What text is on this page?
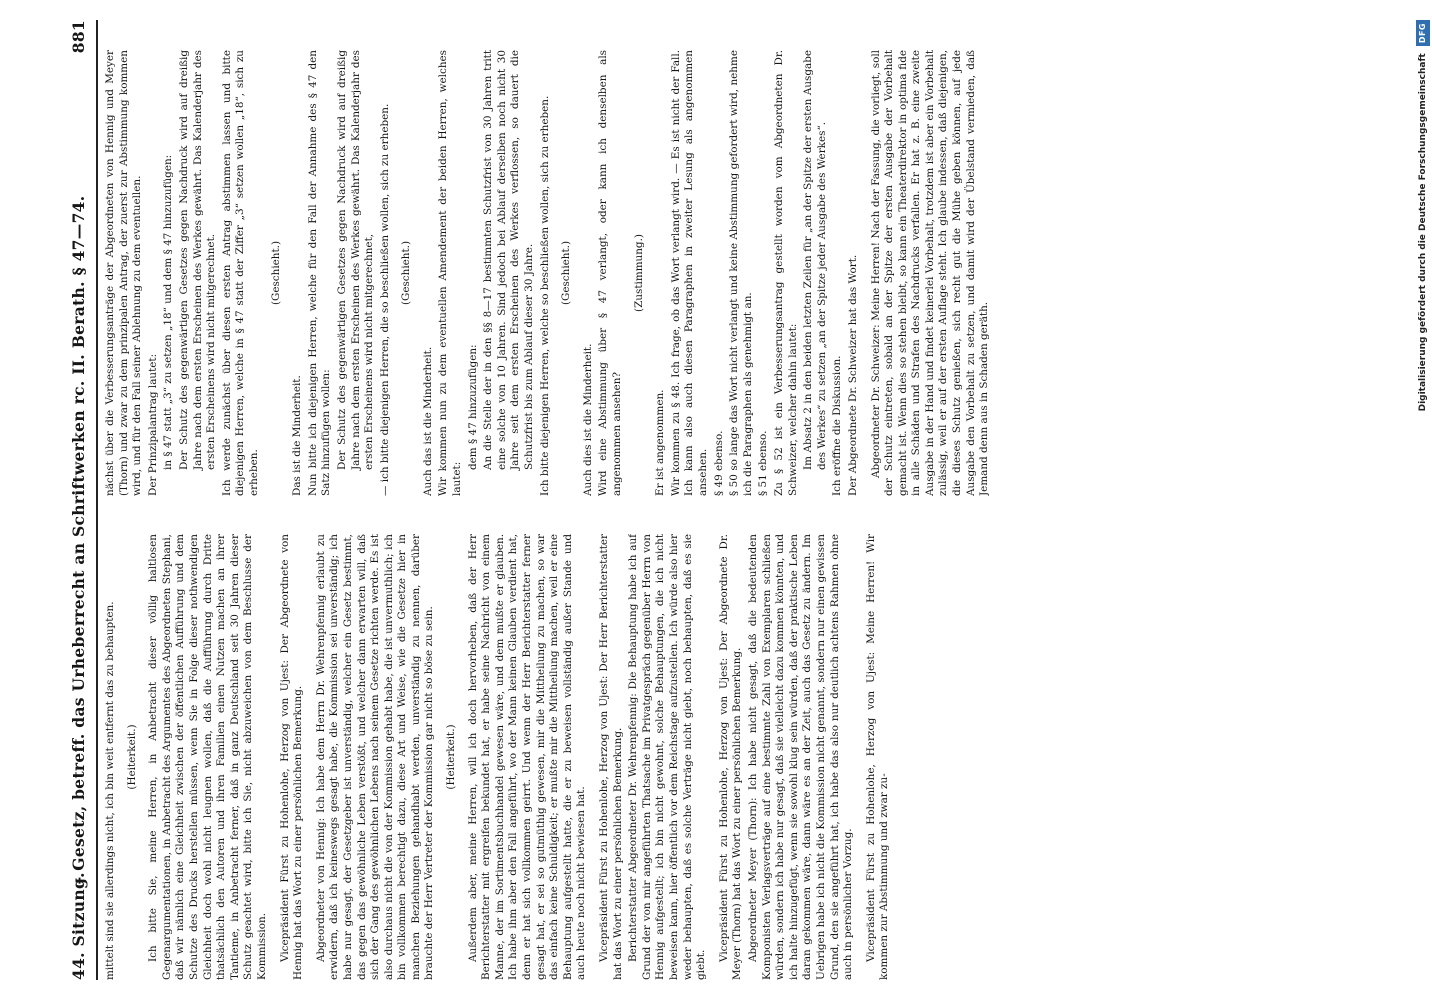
44. Sitzung.
– Gesetz, betreff. das Urheberrecht an Schriftwerken rc. II. Berath. § 47—74.
881

mittelt sind sie allerdings nicht, ich bin weit entfernt das zu behaupten. (Heiterkeit.) Ich bitte Sie, meine Herren, in Anbetracht dieser völlig haltlosen Gegenargumentationen, in Anbetracht des Argumentes des Abgeordneten Stephani, daß wir nämlich eine Gleichheit zwischen der öffentlichen Aufführung und dem Schutze des Drucks herstellen müssen, wenn Sie in Folge dieser nothwendigen Gleichheit doch wohl nicht leugnen wollen, daß die Aufführung durch Dritte thatsächlich den Autoren und ihren Familien einen Nutzen machen an ihrer Tantieme, in Anbetracht ferner, daß in ganz Deutschland seit 30 Jahren dieser Schutz geachtet wird, bitte ich Sie, nicht abzuweichen von dem Beschlusse der Kommission. Vicepräsident Fürst zu Hohenlohe, Herzog von Ujest: Der Abgeordnete von Hennig hat das Wort zu einer persönlichen Bemerkung. Abgeordneter von Hennig: Ich habe dem Herrn Dr. Wehrenpfennig erlaubt zu erwidern, daß ich keineswegs gesagt habe, die Kommission sei unverständig; ich habe nur gesagt, der Gesetzgeber ist unverständig, welcher ein Gesetz bestimmt, das gegen das gewöhnliche Leben verstößt, und welcher dann erwarten will, daß sich der Gang des gewöhnlichen Lebens nach seinem Gesetze richten werde. Es ist also durchaus nicht die von der Kommission gehabt habe, die ist unvermuthlich; ich bin vollkommen berechtigt dazu, diese Art und Weise, wie die Gesetze hier in manchen Beziehungen gehandhabt werden, unverständig zu nennen, darüber brauchte der Herr Vertreter der Kommission gar nicht so böse zu sein. (Heiterkeit.) Außerdem aber, meine Herren, will ich doch hervorheben, daß der Herr Berichterstatter mit ergreifen bekundet hat, er habe seine Nachricht von einem Manne, der im Sortimentsbuchhandel gewesen wäre, und dem mußte er glauben. Ich habe ihm aber den Fall angeführt, wo der Mann keinen Glauben verdient hat, denn er hat sich vollkommen geirrt. Und wenn der Herr Berichterstatter ferner gesagt hat, er sei so gutmüthig gewesen, mir die Mittheilung zu machen, so war das einfach keine Schuldigkeit; er mußte mir die Mittheilung machen, weil er eine Behauptung aufgestellt hatte, die er zu beweisen vollständig außer Stande und auch heute noch nicht bewiesen hat. Vicepräsident Fürst zu Hohenlohe, Herzog von Ujest: Der Herr Berichterstatter hat das Wort zu einer persönlichen Bemerkung. Berichterstatter Abgeordneter Dr. Wehrenpfennig: Die Behauptung habe ich auf Grund der von mir angeführten Thatsache im Privatgespräch gegenüber Herrn von Hennig aufgestellt; ich bin nicht gewohnt, solche Behauptungen, die ich nicht beweisen kann, hier öffentlich vor dem Reichstage aufzustellen. Ich würde also hier weder behaupten, daß es solche Verträge nicht giebt, noch behaupten, daß es sie giebt.

Vicepräsident Fürst zu Hohenlohe, Herzog von Ujest: Der Abgeordnete Dr. Meyer (Thorn) hat das Wort zu einer persönlichen Bemerkung. Abgeordneter Meyer (Thorn): Ich habe nicht gesagt, daß die bedeutenden Komponisten Verlagsverträge auf eine bestimmte Zahl von Exemplaren schließen würden, sondern ich habe nur gesagt, daß sie vielleicht dazu kommen könnten, und ich halte hinzugefügt, wenn sie sowohl klug sein würden, daß der praktische Leben daran gekommen wäre, dann wäre es an der Zeit, auch das Gesetz zu ändern. Im Uebrigen habe ich nicht die Kommission nicht genannt, sondern nur einen gewissen Grund, den sie angeführt hat, ich habe das also nur deutlich achtens Rahmen ohne auch in persönlicher Vorzug. Vicepräsident Fürst zu Hohenlohe, Herzog von Ujest: Meine Herren! Wir kommen zur Abstimmung und zwar zu-

nächst über die Verbesserungsanträge der Abgeordneten von Hennig und Meyer (Thorn) und zwar zu dem prinzipalen Antrag, der zuerst zur Abstimmung kommen wird, und für den Fall seiner Ablehnung zu dem eventuellen. Der Prinzipalantrag lautet: in § 47 statt „3“ zu setzen „18“ und dem § 47 hinzuzufügen: Der Schutz des gegenwärtigen Gesetzes gegen Nachdruck wird auf dreißig Jahre nach dem ersten Erscheinen des Werkes gewährt. Das Kalenderjahr des ersten Erscheinens wird nicht mitgerechnet. Ich werde zunächst über diesen ersten Antrag abstimmen lassen und bitte diejenigen Herren, welche in § 47 statt der Ziffer „3“ setzen wollen „18“, sich zu erheben.

(Geschieht.)

Das ist die Minderheit. Nun bitte ich diejenigen Herren, welche für den Fall der Annahme des § 47 den Satz hinzufügen wollen: Der Schutz des gegenwärtigen Gesetzes gegen Nachdruck wird auf dreißig Jahre nach dem ersten Erscheinen des Werkes gewährt. Das Kalenderjahr des ersten Erscheinens wird nicht mitgerechnet, — ich bitte diejenigen Herren, die so beschließen wollen, sich zu erheben. (Geschieht.)

Auch das ist die Minderheit. Wir kommen nun zu dem eventuellen Amendement der beiden Herren, welches lautet:

dem § 47 hinzuzufügen: An die Stelle der in den §§ 8—17 bestimmten Schutzfrist von 30 Jahren tritt eine solche von 10 Jahren. Sind jedoch bei Ablauf derselben noch nicht 30 Jahre seit dem ersten Erscheinen des Werkes verflossen, so dauert die Schutzfrist bis zum Ablauf dieser 30 Jahre. Ich bitte diejenigen Herren, welche so beschließen wollen, sich zu erheben. (Geschieht.)

Auch dies ist die Minderheit. Wird eine Abstimmung über § 47 verlangt, oder kann ich denselben als angenommen ansehen?

(Zustimmung.)

Er ist angenommen. Wir kommen zu § 48. Ich frage, ob das Wort verlangt wird. — Es ist nicht der Fall. Ich kann also auch diesen Paragraphen in zweiter Lesung als angenommen ansehen. § 49 ebenso. § 50 so lange das Wort nicht verlangt und keine Abstimmung gefordert wird, nehme ich die Paragraphen als genehmigt an. § 51 ebenso. Zu § 52 ist ein Verbesserungsantrag gestellt worden vom Abgeordneten Dr. Schweizer, welcher dahin lautet: Im Absatz 2 in den beiden letzten Zeilen für „an der Spitze der ersten Ausgabe des Werkes“ zu setzen „an der Spitze jeder Ausgabe des Werkes“. Ich eröffne die Diskussion. Der Abgeordnete Dr. Schweizer hat das Wort. Abgeordneter Dr. Schweizer: Meine Herren! Nach der Fassung, die vorliegt, soll der Schutz eintreten, sobald an der Spitze der ersten Ausgabe der Vorbehalt gemacht ist. Wenn dies so stehen bleibt, so kann ein Theaterdirektor in optima fide in alle Schäden und Strafen des Nachdrucks verfallen. Er hat z. B. eine zweite Ausgabe in der Hand und findet keinerlei Vorbehalt, trotzdem ist aber ein Vorbehalt zulässig, weil er auf der ersten Auflage steht. Ich glaube indessen, daß diejenigen, die dieses Schutz genießen, sich recht gut die Mühe geben können, auf jede Ausgabe den Vorbehalt zu setzen, und damit wird der Übelstand vermieden, daß Jemand denn aus in Schaden geräth.	Digitalisierung gefördert durch die Deutsche Forschungsgemeinschaft DFG
